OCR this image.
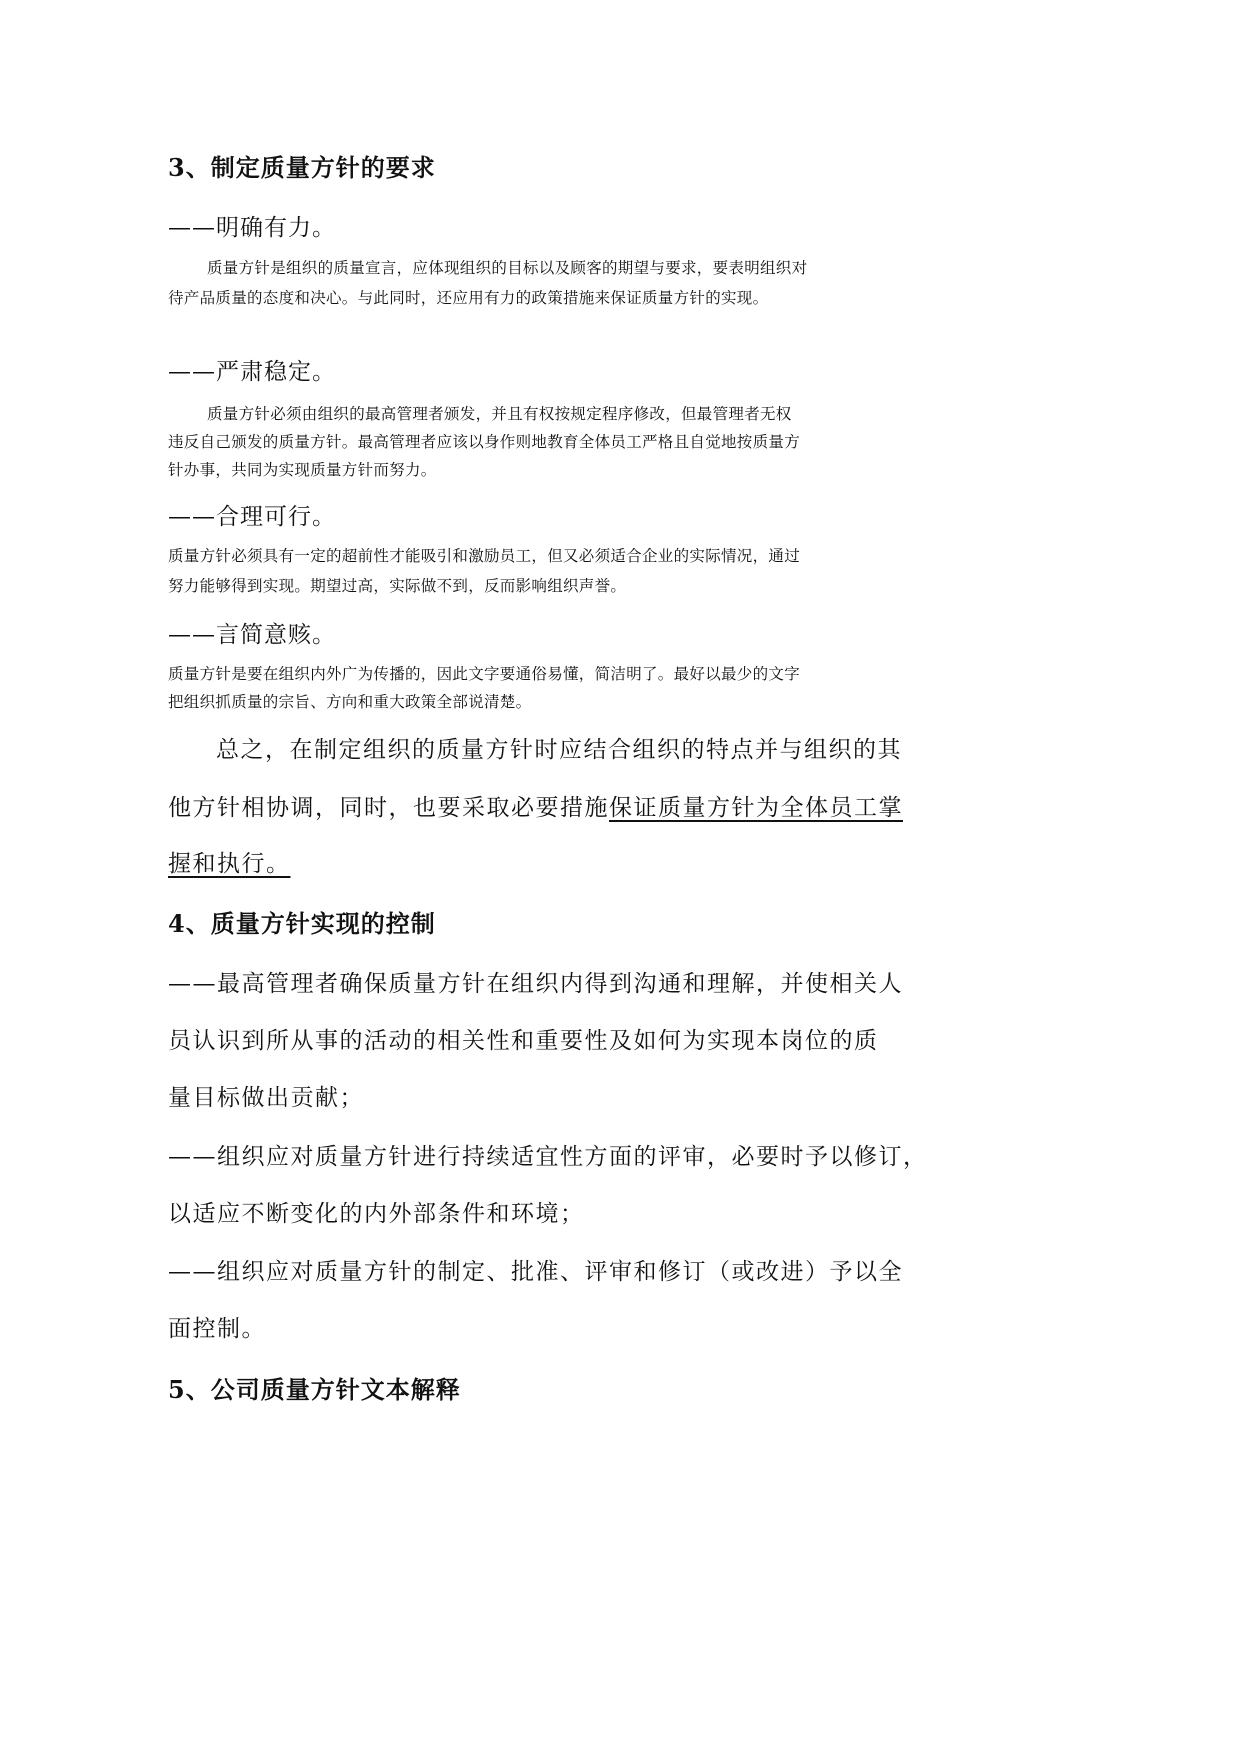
3、制定质量方针的要求

——明确有力。

质量方针是组织的质量宣言，应体现组织的目标以及顾客的期望与要求，要表明组织对

待产品质量的态度和决心。与此同时，还应用有力的政策措施来保证质量方针的实现。

——严肃稳定。

质量方针必须由组织的最高管理者颁发，并且有权按规定程序修改，但最管理者无权

违反自己颁发的质量方针。最高管理者应该以身作则地教育全体员工严格且自觉地按质量方

针办事，共同为实现质量方针而努力。

——合理可行。

质量方针必须具有一定的超前性才能吸引和激励员工，但又必须适合企业的实际情况，通过

努力能够得到实现。期望过高，实际做不到，反而影响组织声誉。

——言简意赅。

质量方针是要在组织内外广为传播的，因此文字要通俗易懂，简洁明了。最好以最少的文字

把组织抓质量的宗旨、方向和重大政策全部说清楚。

总之，在制定组织的质量方针时应结合组织的特点并与组织的其

他方针相协调，同时，也要采取必要措施保证质量方针为全体员工掌

握和执行。

4、质量方针实现的控制

——最高管理者确保质量方针在组织内得到沟通和理解，并使相关人

员认识到所从事的活动的相关性和重要性及如何为实现本岗位的质

量目标做出贡献；

——组织应对质量方针进行持续适宜性方面的评审，必要时予以修订，

以适应不断变化的内外部条件和环境；

——组织应对质量方针的制定、批准、评审和修订（或改进）予以全

面控制。

5、公司质量方针文本解释
